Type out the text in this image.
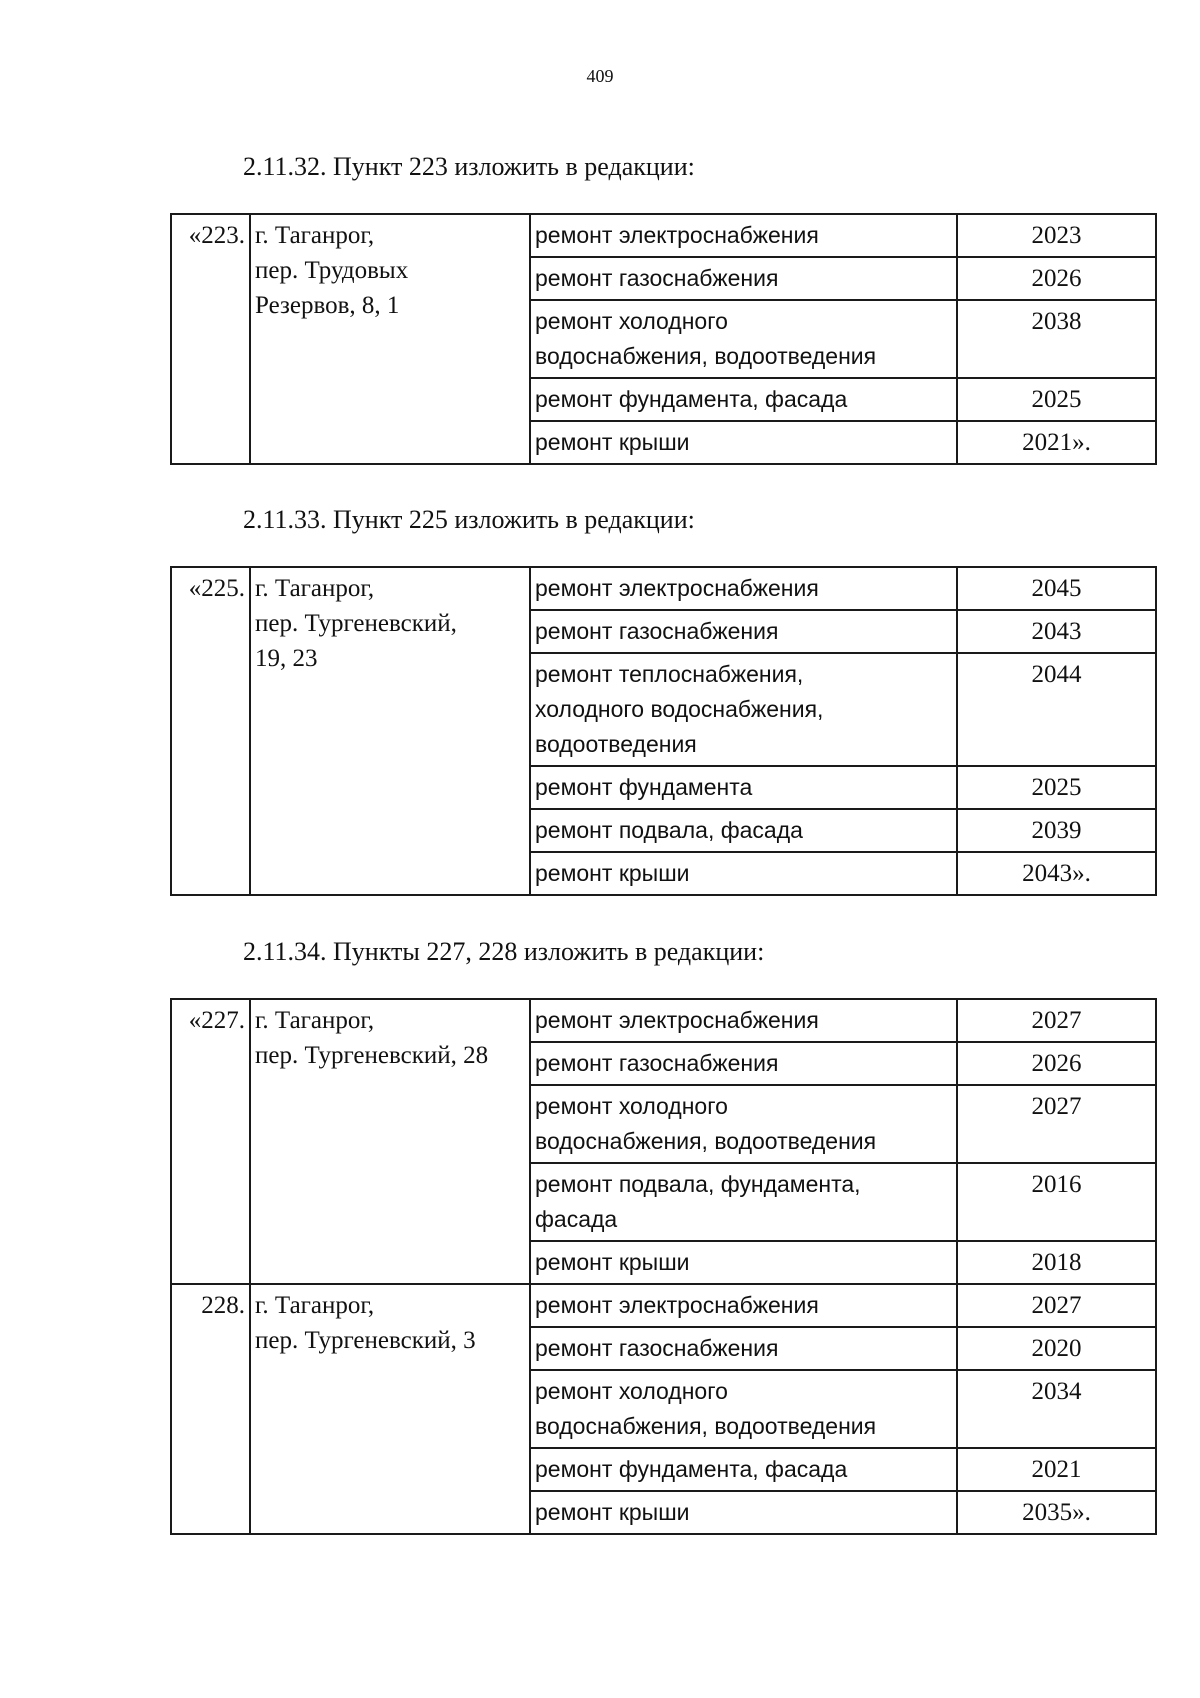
409
2.11.32. Пункт 223 изложить в редакции:
«223.	г. Таганрог,
пер. Трудовых
Резервов, 8, 1	ремонт электроснабжения	2023
		ремонт газоснабжения	2026
		ремонт холодного
водоснабжения, водоотведения	2038
		ремонт фундамента, фасада	2025
		ремонт крыши	2021».
2.11.33. Пункт 225 изложить в редакции:
«225.	г. Таганрог,
пер. Тургеневский,
19, 23	ремонт электроснабжения	2045
		ремонт газоснабжения	2043
		ремонт теплоснабжения,
холодного водоснабжения,
водоотведения	2044
		ремонт фундамента	2025
		ремонт подвала, фасада	2039
		ремонт крыши	2043».
2.11.34. Пункты 227, 228 изложить в редакции:
«227.	г. Таганрог,
пер. Тургеневский, 28	ремонт электроснабжения	2027
		ремонт газоснабжения	2026
		ремонт холодного
водоснабжения, водоотведения	2027
		ремонт подвала, фундамента,
фасада	2016
		ремонт крыши	2018
228.	г. Таганрог,
пер. Тургеневский, 3	ремонт электроснабжения	2027
		ремонт газоснабжения	2020
		ремонт холодного
водоснабжения, водоотведения	2034
		ремонт фундамента, фасада	2021
		ремонт крыши	2035».
